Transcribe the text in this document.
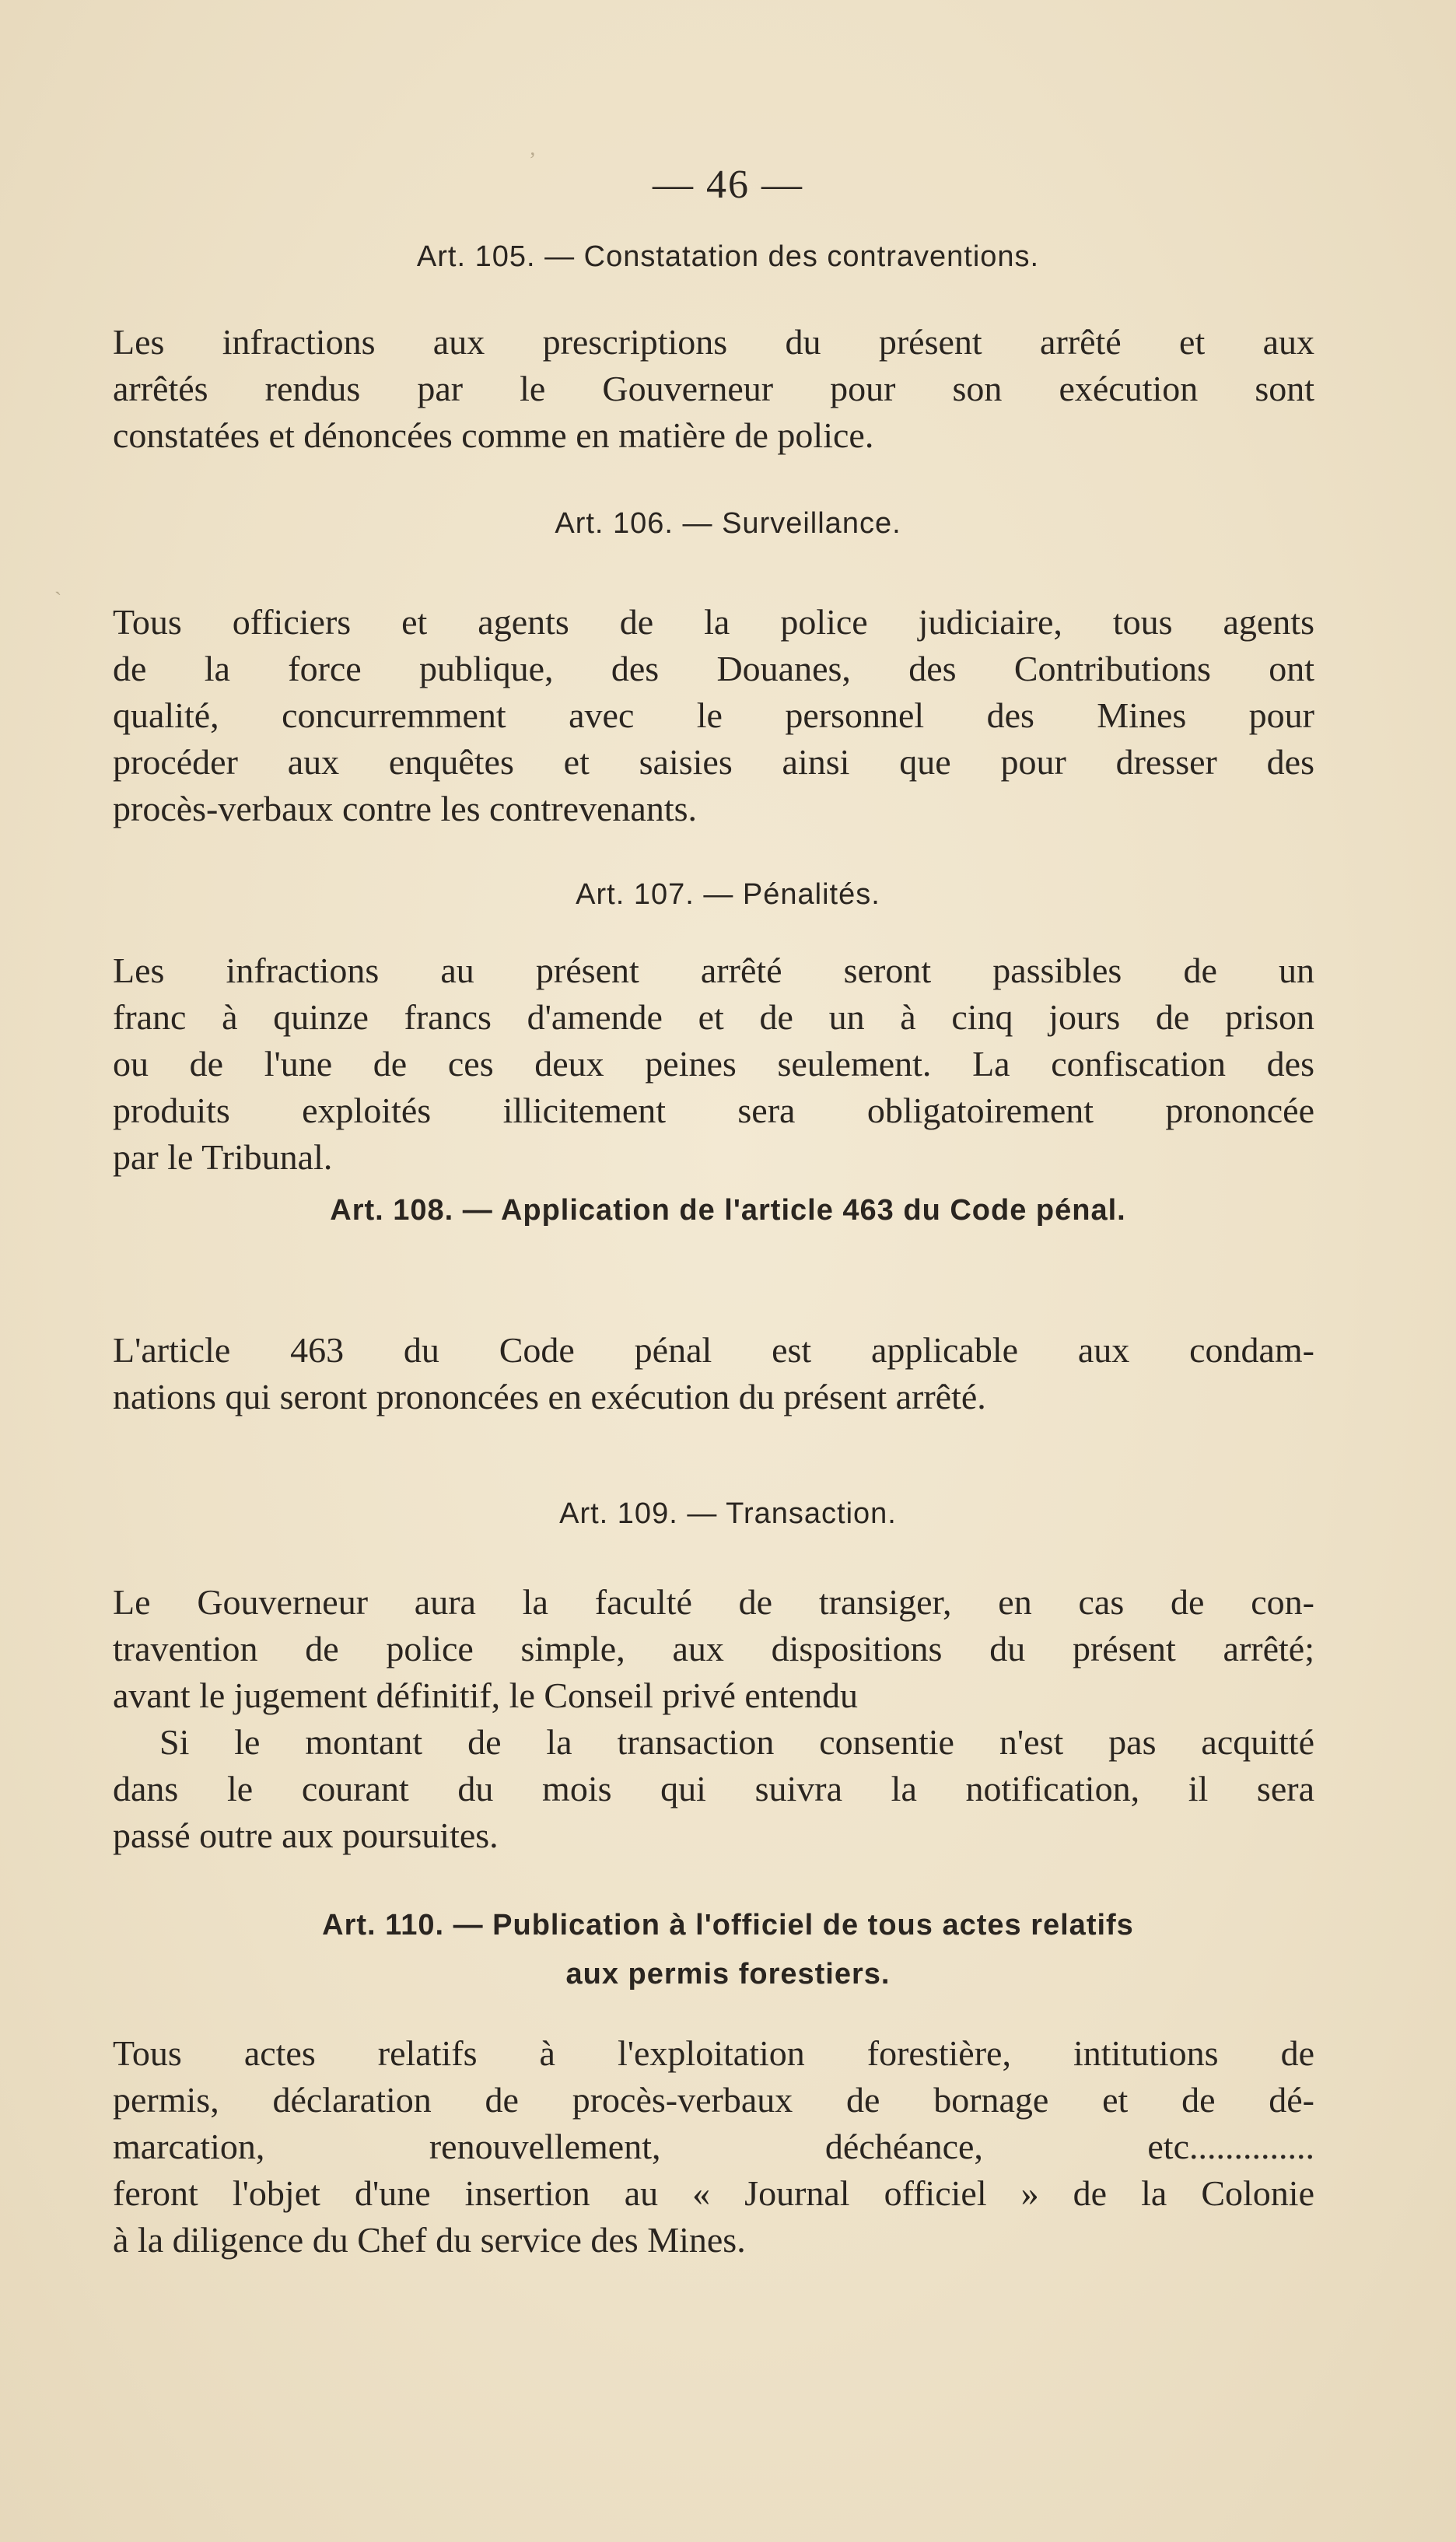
— 46 —
Art. 105. — Constatation des contraventions.
Les infractions aux prescriptions du présent arrêté et aux
arrêtés rendus par le Gouverneur pour son exécution sont
constatées et dénoncées comme en matière de police.
Art. 106. — Surveillance.
Tous officiers et agents de la police judiciaire, tous agents
de la force publique, des Douanes, des Contributions ont
qualité, concurremment avec le personnel des Mines pour
procéder aux enquêtes et saisies ainsi que pour dresser des
procès-verbaux contre les contrevenants.
Art. 107. — Pénalités.
Les infractions au présent arrêté seront passibles de un
franc à quinze francs d'amende et de un à cinq jours de prison
ou de l'une de ces deux peines seulement. La confiscation des
produits exploités illicitement sera obligatoirement prononcée
par le Tribunal.
Art. 108. — Application de l'article 463 du Code pénal.
L'article 463 du Code pénal est applicable aux condam-
nations qui seront prononcées en exécution du présent arrêté.
Art. 109. — Transaction.
Le Gouverneur aura la faculté de transiger, en cas de con-
travention de police simple, aux dispositions du présent arrêté;
avant le jugement définitif, le Conseil privé entendu
Si le montant de la transaction consentie n'est pas acquitté
dans le courant du mois qui suivra la notification, il sera
passé outre aux poursuites.
Art. 110. — Publication à l'officiel de tous actes relatifs
aux permis forestiers.
Tous actes relatifs à l'exploitation forestière, intitutions de
permis, déclaration de procès-verbaux de bornage et de dé-
marcation, renouvellement, déchéance, etc..............
feront l'objet d'une insertion au « Journal officiel » de la Colonie
à la diligence du Chef du service des Mines.
‚
ˏ
